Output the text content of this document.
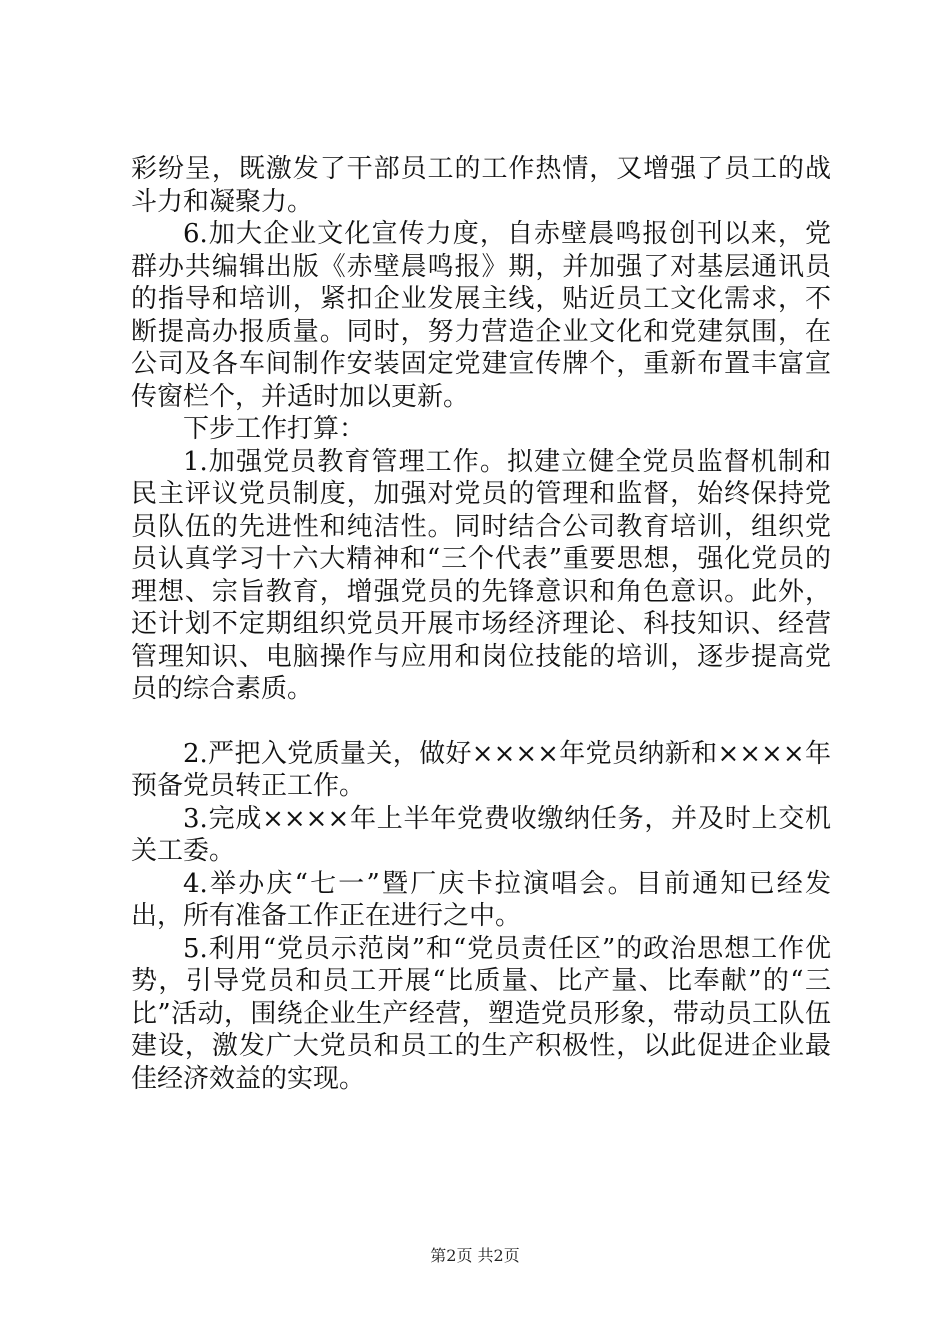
彩纷呈，既激发了干部员工的工作热情，又增强了员工的战斗力和凝聚力。

6.加大企业文化宣传力度，自赤壁晨鸣报创刊以来，党群办共编辑出版《赤壁晨鸣报》期，并加强了对基层通讯员的指导和培训，紧扣企业发展主线，贴近员工文化需求，不断提高办报质量。同时，努力营造企业文化和党建氛围，在公司及各车间制作安装固定党建宣传牌个，重新布置丰富宣传窗栏个，并适时加以更新。

下步工作打算：

1.加强党员教育管理工作。拟建立健全党员监督机制和民主评议党员制度，加强对党员的管理和监督，始终保持党员队伍的先进性和纯洁性。同时结合公司教育培训，组织党员认真学习十六大精神和“三个代表”重要思想，强化党员的理想、宗旨教育，增强党员的先锋意识和角色意识。此外，还计划不定期组织党员开展市场经济理论、科技知识、经营管理知识、电脑操作与应用和岗位技能的培训，逐步提高党员的综合素质。

2.严把入党质量关，做好××××年党员纳新和××××年预备党员转正工作。

3.完成××××年上半年党费收缴纳任务，并及时上交机关工委。

4.举办庆“七一”暨厂庆卡拉演唱会。目前通知已经发出，所有准备工作正在进行之中。

5.利用“党员示范岗”和“党员责任区”的政治思想工作优势，引导党员和员工开展“比质量、比产量、比奉献”的“三比”活动，围绕企业生产经营，塑造党员形象，带动员工队伍建设，激发广大党员和员工的生产积极性，以此促进企业最佳经济效益的实现。

第2页 共2页
